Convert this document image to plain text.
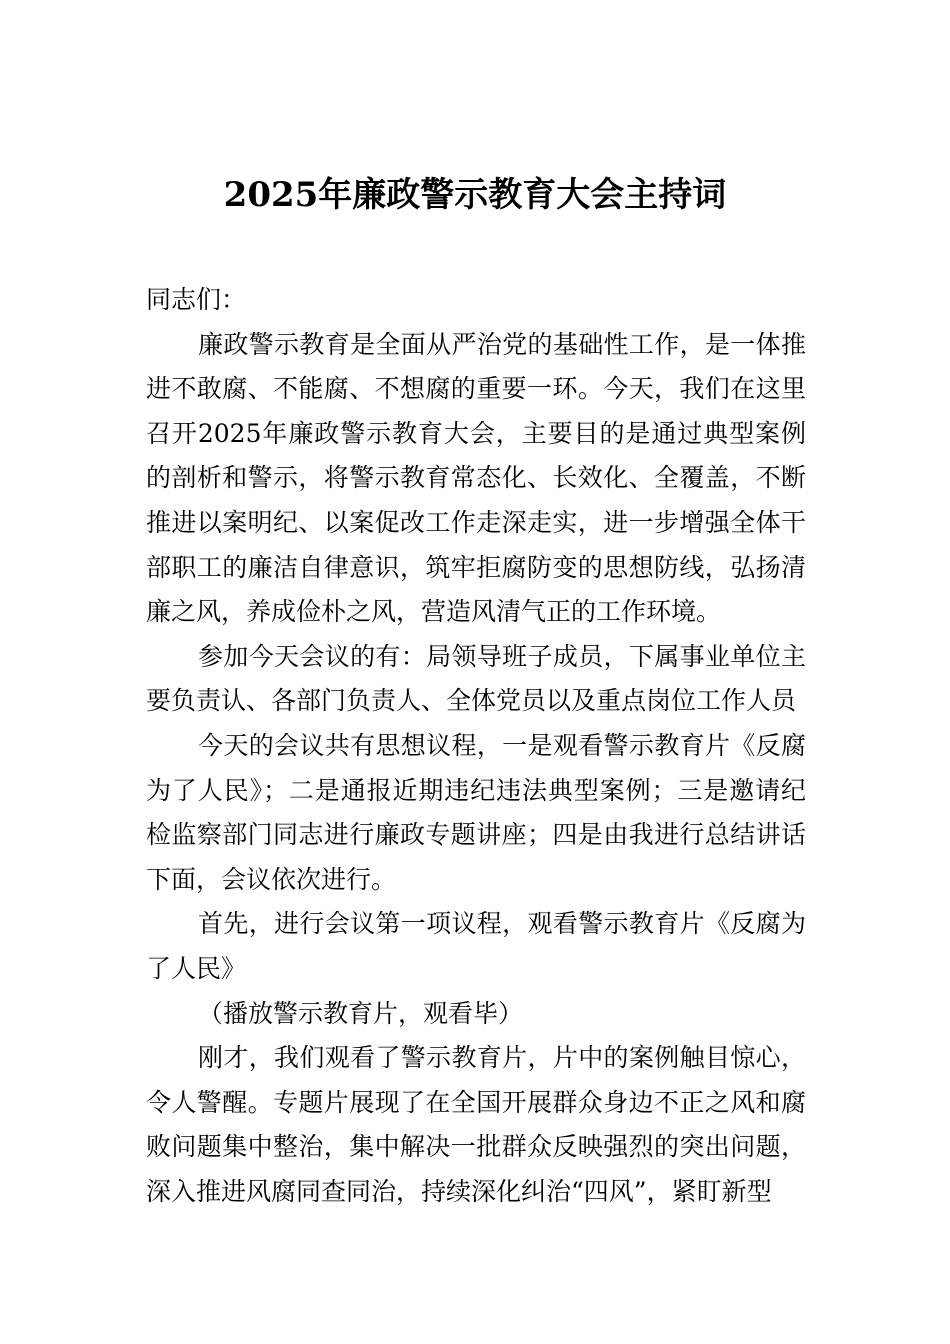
2025年廉政警示教育大会主持词

同志们：

廉政警示教育是全面从严治党的基础性工作，是一体推进不敢腐、不能腐、不想腐的重要一环。今天，我们在这里召开2025年廉政警示教育大会，主要目的是通过典型案例的剖析和警示，将警示教育常态化、长效化、全覆盖，不断推进以案明纪、以案促改工作走深走实，进一步增强全体干部职工的廉洁自律意识，筑牢拒腐防变的思想防线，弘扬清廉之风，养成俭朴之风，营造风清气正的工作环境。

参加今天会议的有：局领导班子成员，下属事业单位主要负责认、各部门负责人、全体党员以及重点岗位工作人员

今天的会议共有思想议程，一是观看警示教育片《反腐为了人民》；二是通报近期违纪违法典型案例；三是邀请纪检监察部门同志进行廉政专题讲座；四是由我进行总结讲话下面，会议依次进行。

首先，进行会议第一项议程，观看警示教育片《反腐为了人民》

（播放警示教育片，观看毕）

刚才，我们观看了警示教育片，片中的案例触目惊心，令人警醒。专题片展现了在全国开展群众身边不正之风和腐败问题集中整治，集中解决一批群众反映强烈的突出问题，深入推进风腐同查同治，持续深化纠治“四风”，紧盯新型
